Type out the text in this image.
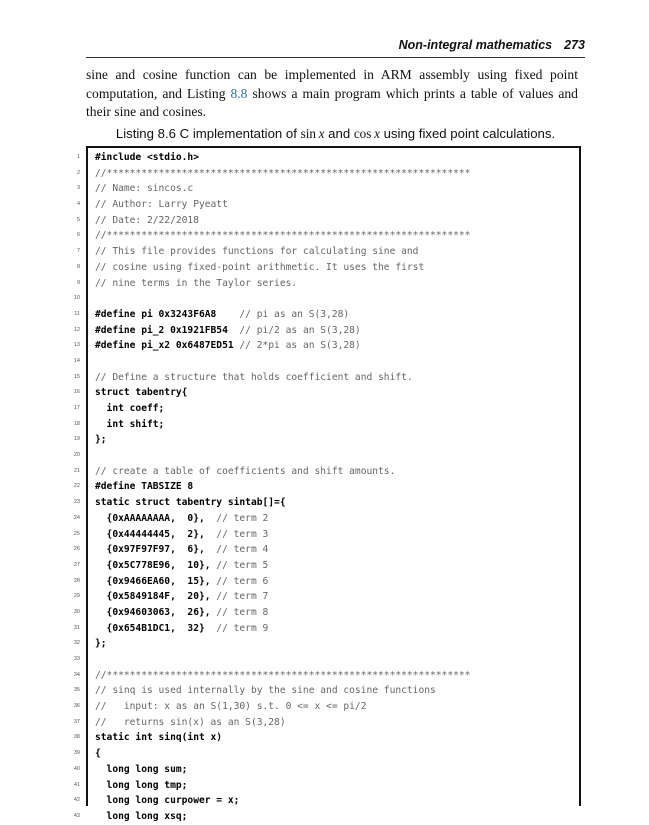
Non-integral mathematics 273
sine and cosine function can be implemented in ARM assembly using fixed point computation, and Listing 8.8 shows a main program which prints a table of values and their sine and cosines.
Listing 8.6 C implementation of sin  x and cos  x using fixed point calculations.
1
2
3
4
5
6
7
8
9
10
11
12
13
14
15
16
17
18
19
20
21
22
23
24
25
26
27
28
29
30
31
32
33
34
35
36
37
38
39
40
41
42
43
#include <stdio.h>
//***************************************************************
// Name: sincos.c
// Author: Larry Pyeatt
// Date: 2/22/2018
//***************************************************************
// This file provides functions for calculating sine and
// cosine using fixed-point arithmetic. It uses the first
// nine terms in the Taylor series.
#define pi 0x3243F6A8    // pi as an S(3,28)
#define pi_2 0x1921FB54  // pi/2 as an S(3,28)
#define pi_x2 0x6487ED51 // 2*pi as an S(3,28)
// Define a structure that holds coefficient and shift.
struct tabentry{
int coeff;
int shift;
};
// create a table of coefficients and shift amounts.
#define TABSIZE 8
static struct tabentry sintab[]={
{0xAAAAAAAA,  0},  // term 2
{0x44444445,  2},  // term 3
{0x97F97F97,  6},  // term 4
{0x5C778E96,  10}, // term 5
{0x9466EA60,  15}, // term 6
{0x5849184F,  20}, // term 7
{0x94603063,  26}, // term 8
{0x654B1DC1,  32}  // term 9
};
//***************************************************************
// sinq is used internally by the sine and cosine functions
//   input: x as an S(1,30) s.t. 0 <= x <= pi/2
//   returns sin(x) as an S(3,28)
static int sinq(int x)
{
long long sum;
long long tmp;
long long curpower = x;
long long xsq;
